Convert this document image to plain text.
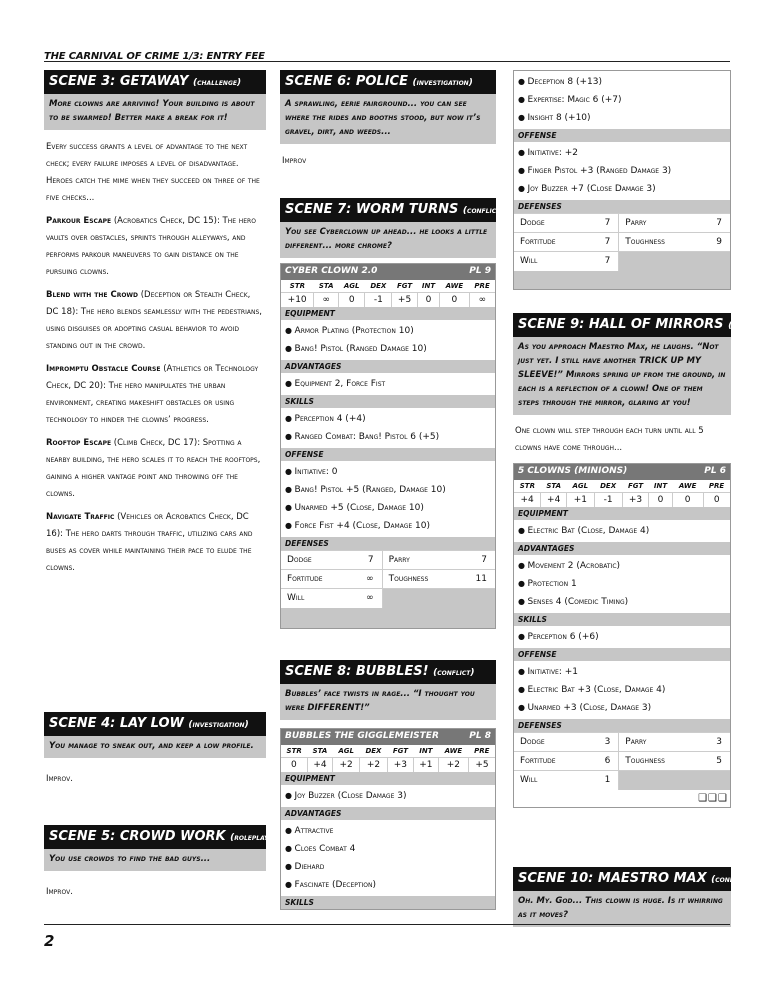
THE CARNIVAL OF CRIME 1/3: ENTRY FEE
SCENE 3: GETAWAY (challenge)
More clowns are arriving! Your building is about to be swarmed! Better make a break for it!

Every success grants a level of advantage to the next check; every failure imposes a level of disadvantage. Heroes catch the mime when they succeed on three of the five checks...

Parkour Escape (Acrobatics Check, DC 15): The hero vaults over obstacles, sprints through alleyways, and performs parkour maneuvers to gain distance on the pursuing clowns.

Blend with the Crowd (Deception or Stealth Check, DC 18): The hero blends seamlessly with the pedestrians, using disguises or adopting casual behavior to avoid standing out in the crowd.

Impromptu Obstacle Course (Athletics or Technology Check, DC 20): The hero manipulates the urban environment, creating makeshift obstacles or using technology to hinder the clowns’ progress.

Rooftop Escape (Climb Check, DC 17): Spotting a nearby building, the hero scales it to reach the rooftops, gaining a higher vantage point and throwing off the clowns.

Navigate Traffic (Vehicles or Acrobatics Check, DC 16): The hero darts through traffic, utilizing cars and buses as cover while maintaining their pace to elude the clowns.

SCENE 4: LAY LOW (investigation)
You manage to sneak out, and keep a low profile.
Improv.
SCENE 5: CROWD WORK (roleplay)
You use crowds to find the bad guys...
Improv.
SCENE 6: POLICE (investigation)
A sprawling, eerie fairground... you can see where the rides and booths stood, but now it’s gravel, dirt, and weeds...
Improv
SCENE 7: WORM TURNS (conflict)
You see Cyberclown up ahead... he looks a little different... more chrome?
CYBER CLOWN 2.0	PL 9
STR	STA	AGL	DEX	FGT	INT	AWE	PRE
+10	∞	0	-1	+5	0	0	∞
EQUIPMENT
● Armor Plating (Protection 10)
● Bang! Pistol (Ranged Damage 10)
ADVANTAGES
● Equipment 2, Force Fist
SKILLS
● Perception 4 (+4)
● Ranged Combat: Bang! Pistol 6 (+5)
OFFENSE
● Initiative: 0
● Bang! Pistol +5 (Ranged, Damage 10)
● Unarmed +5 (Close, Damage 10)
● Force Fist +4 (Close, Damage 10)
DEFENSES
Dodge	7	Parry	7
Fortitude	∞	Toughness	11
Will	∞		
SCENE 8: BUBBLES! (conflict)
Bubbles’ face twists in rage... “I thought you were DIFFERENT!”
BUBBLES THE GIGGLEMEISTER	PL 8
STR	STA	AGL	DEX	FGT	INT	AWE	PRE
0	+4	+2	+2	+3	+1	+2	+5
EQUIPMENT
● Joy Buzzer (Close Damage 3)
ADVANTAGES
● Attractive
● Cloes Combat 4
● Diehard
● Fascinate (Deception)
SKILLS
● Deception 8 (+13)
● Expertise: Magic 6 (+7)
● Insight 8 (+10)
OFFENSE
● Initiative: +2
● Finger Pistol +3 (Ranged Damage 3)
● Joy Buzzer +7 (Close Damage 3)
DEFENSES
Dodge	7	Parry	7
Fortitude	7	Toughness	9
Will	7		
SCENE 9: HALL OF MIRRORS (conflict)
As you approach Maestro Max, he laughs. “Not just yet. I still have another TRICK UP MY SLEEVE!” Mirrors spring up from the ground, in each is a reflection of a clown! One of them steps through the mirror, glaring at you!
One clown will step through each turn until all 5 clowns have come through...
5 CLOWNS (MINIONS)	PL 6
STR	STA	AGL	DEX	FGT	INT	AWE	PRE
+4	+4	+1	-1	+3	0	0	0
EQUIPMENT
● Electric Bat (Close, Damage 4)
ADVANTAGES
● Movement 2 (Acrobatic)
● Protection 1
● Senses 4 (Comedic Timing)
SKILLS
● Perception 6 (+6)
OFFENSE
● Initiative: +1
● Electric Bat +3 (Close, Damage 4)
● Unarmed +3 (Close, Damage 3)
DEFENSES
Dodge	3	Parry	3
Fortitude	6	Toughness	5
Will	1		
❑❑❑
SCENE 10: MAESTRO MAX (conflict)
Oh. My. God... This clown is huge. Is it whirring as it moves?
2
